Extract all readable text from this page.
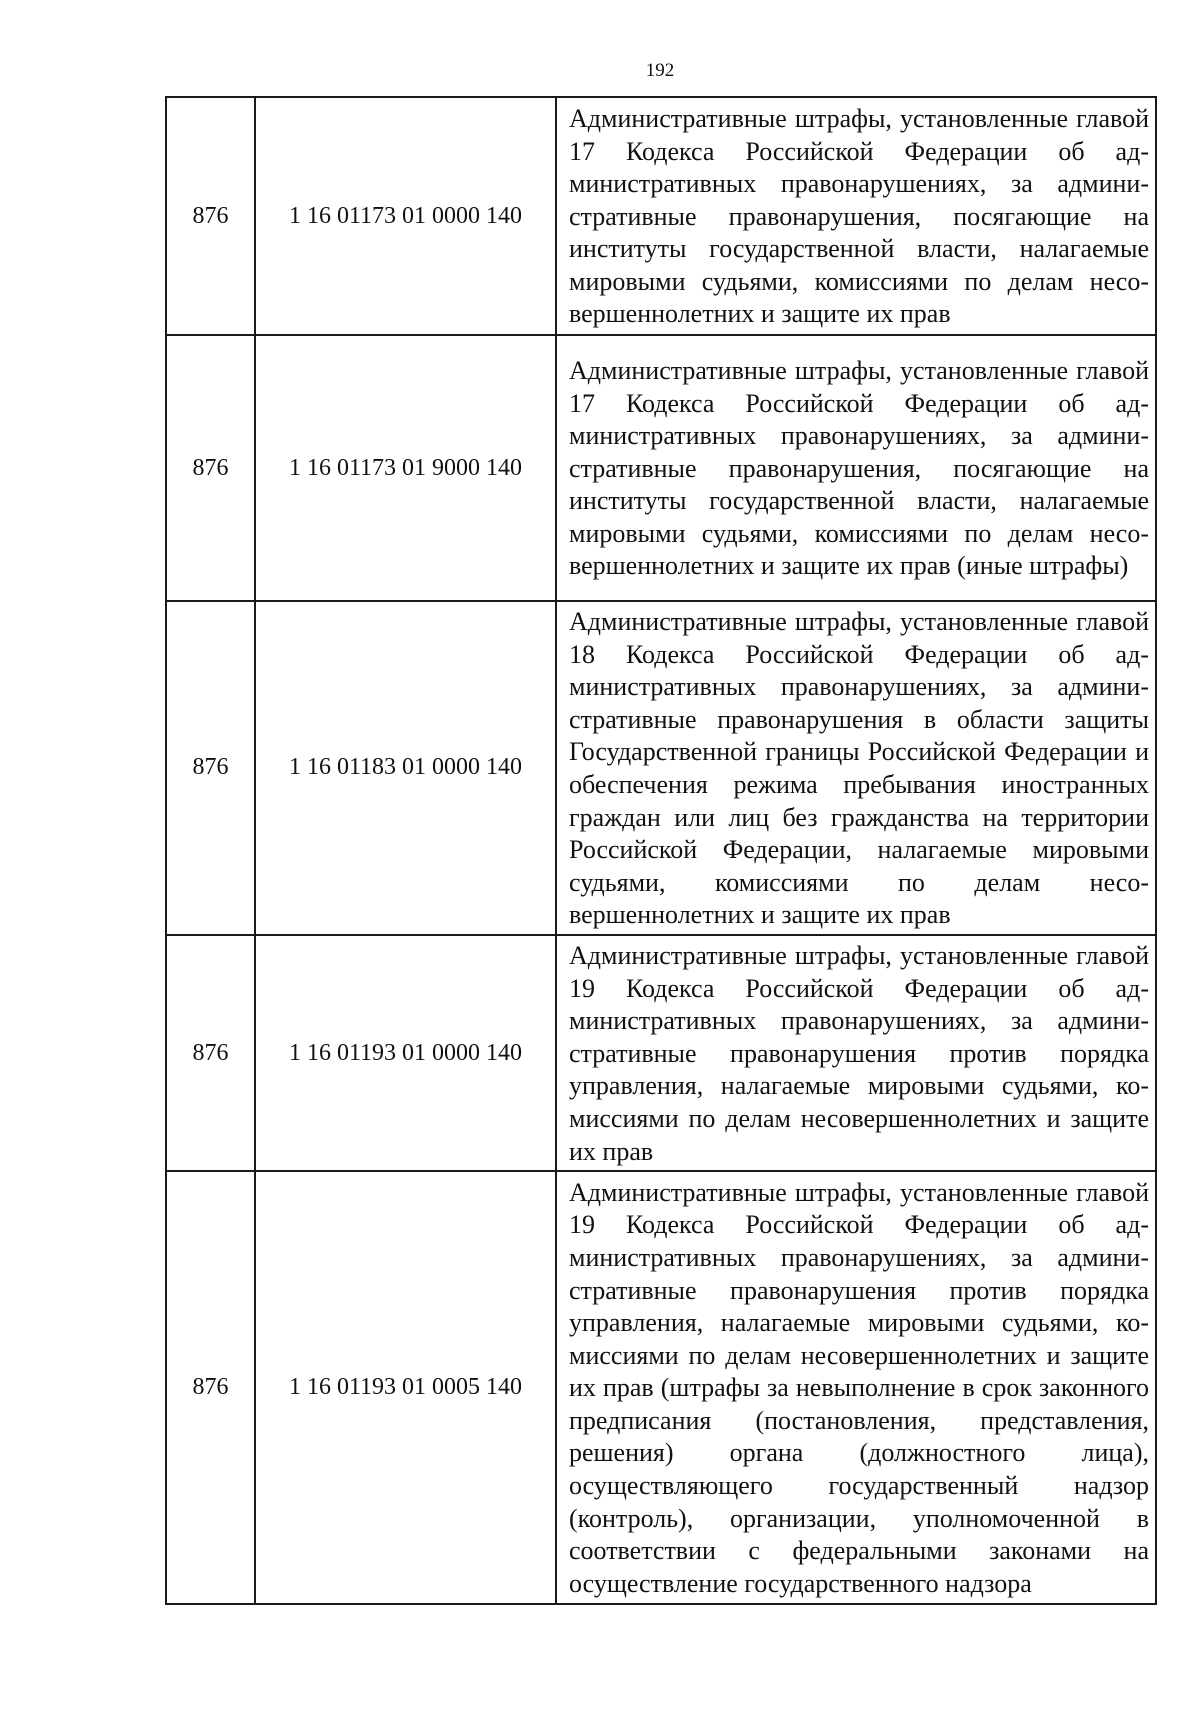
192
876	1 16 01173 01 0000 140	Административные штрафы, установленные главой 17 Кодекса Российской Федерации об административных правонарушениях, за административные правонарушения, посягающие на институты государственной власти, налагаемые мировыми судьями, комиссиями по делам несовершеннолетних и защите их прав

876	1 16 01173 01 9000 140	Административные штрафы, установленные главой 17 Кодекса Российской Федерации об административных правонарушениях, за административные правонарушения, посягающие на институты государственной власти, налагаемые мировыми судьями, комиссиями по делам несовершеннолетних и защите их прав (иные штрафы)

876	1 16 01183 01 0000 140	Административные штрафы, установленные главой 18 Кодекса Российской Федерации об административных правонарушениях, за административные правонарушения в области защиты Государственной границы Российской Федерации и обеспечения режима пребывания иностранных граждан или лиц без гражданства на территории Российской Федерации, налагаемые мировыми судьями, комиссиями по делам несовершеннолетних и защите их прав

876	1 16 01193 01 0000 140	Административные штрафы, установленные главой 19 Кодекса Российской Федерации об административных правонарушениях, за административные правонарушения против порядка управления, налагаемые мировыми судьями, комиссиями по делам несовершеннолетних и защите их прав

876	1 16 01193 01 0005 140	Административные штрафы, установленные главой 19 Кодекса Российской Федерации об административных правонарушениях, за административные правонарушения против порядка управления, налагаемые мировыми судьями, комиссиями по делам несовершеннолетних и защите их прав (штрафы за невыполнение в срок законного предписания (постановления, представления, решения) органа (должностного лица), осуществляющего государственный надзор (контроль), организации, уполномоченной в соответствии с федеральными законами на осуществление государственного надзора
